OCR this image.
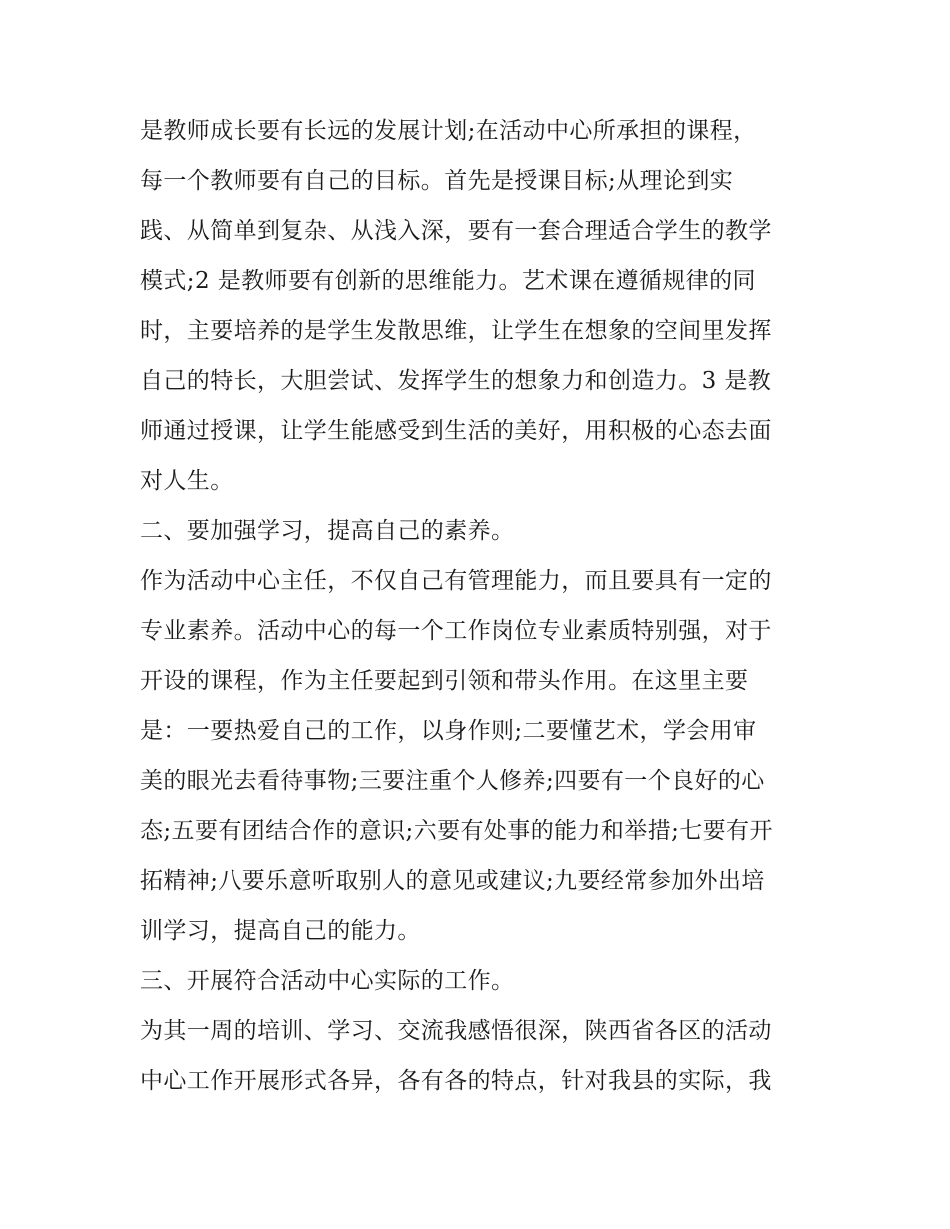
是教师成长要有长远的发展计划;在活动中心所承担的课程，
每一个教师要有自己的目标。首先是授课目标;从理论到实
践、从简单到复杂、从浅入深，要有一套合理适合学生的教学
模式;2 是教师要有创新的思维能力。艺术课在遵循规律的同
时，主要培养的是学生发散思维，让学生在想象的空间里发挥
自己的特长，大胆尝试、发挥学生的想象力和创造力。3 是教
师通过授课，让学生能感受到生活的美好，用积极的心态去面
对人生。
二、要加强学习，提高自己的素养。
作为活动中心主任，不仅自己有管理能力，而且要具有一定的
专业素养。活动中心的每一个工作岗位专业素质特别强，对于
开设的课程，作为主任要起到引领和带头作用。在这里主要
是：一要热爱自己的工作，以身作则;二要懂艺术，学会用审
美的眼光去看待事物;三要注重个人修养;四要有一个良好的心
态;五要有团结合作的意识;六要有处事的能力和举措;七要有开
拓精神;八要乐意听取别人的意见或建议;九要经常参加外出培
训学习，提高自己的能力。
三、开展符合活动中心实际的工作。
为其一周的培训、学习、交流我感悟很深，陕西省各区的活动
中心工作开展形式各异，各有各的特点，针对我县的实际，我
